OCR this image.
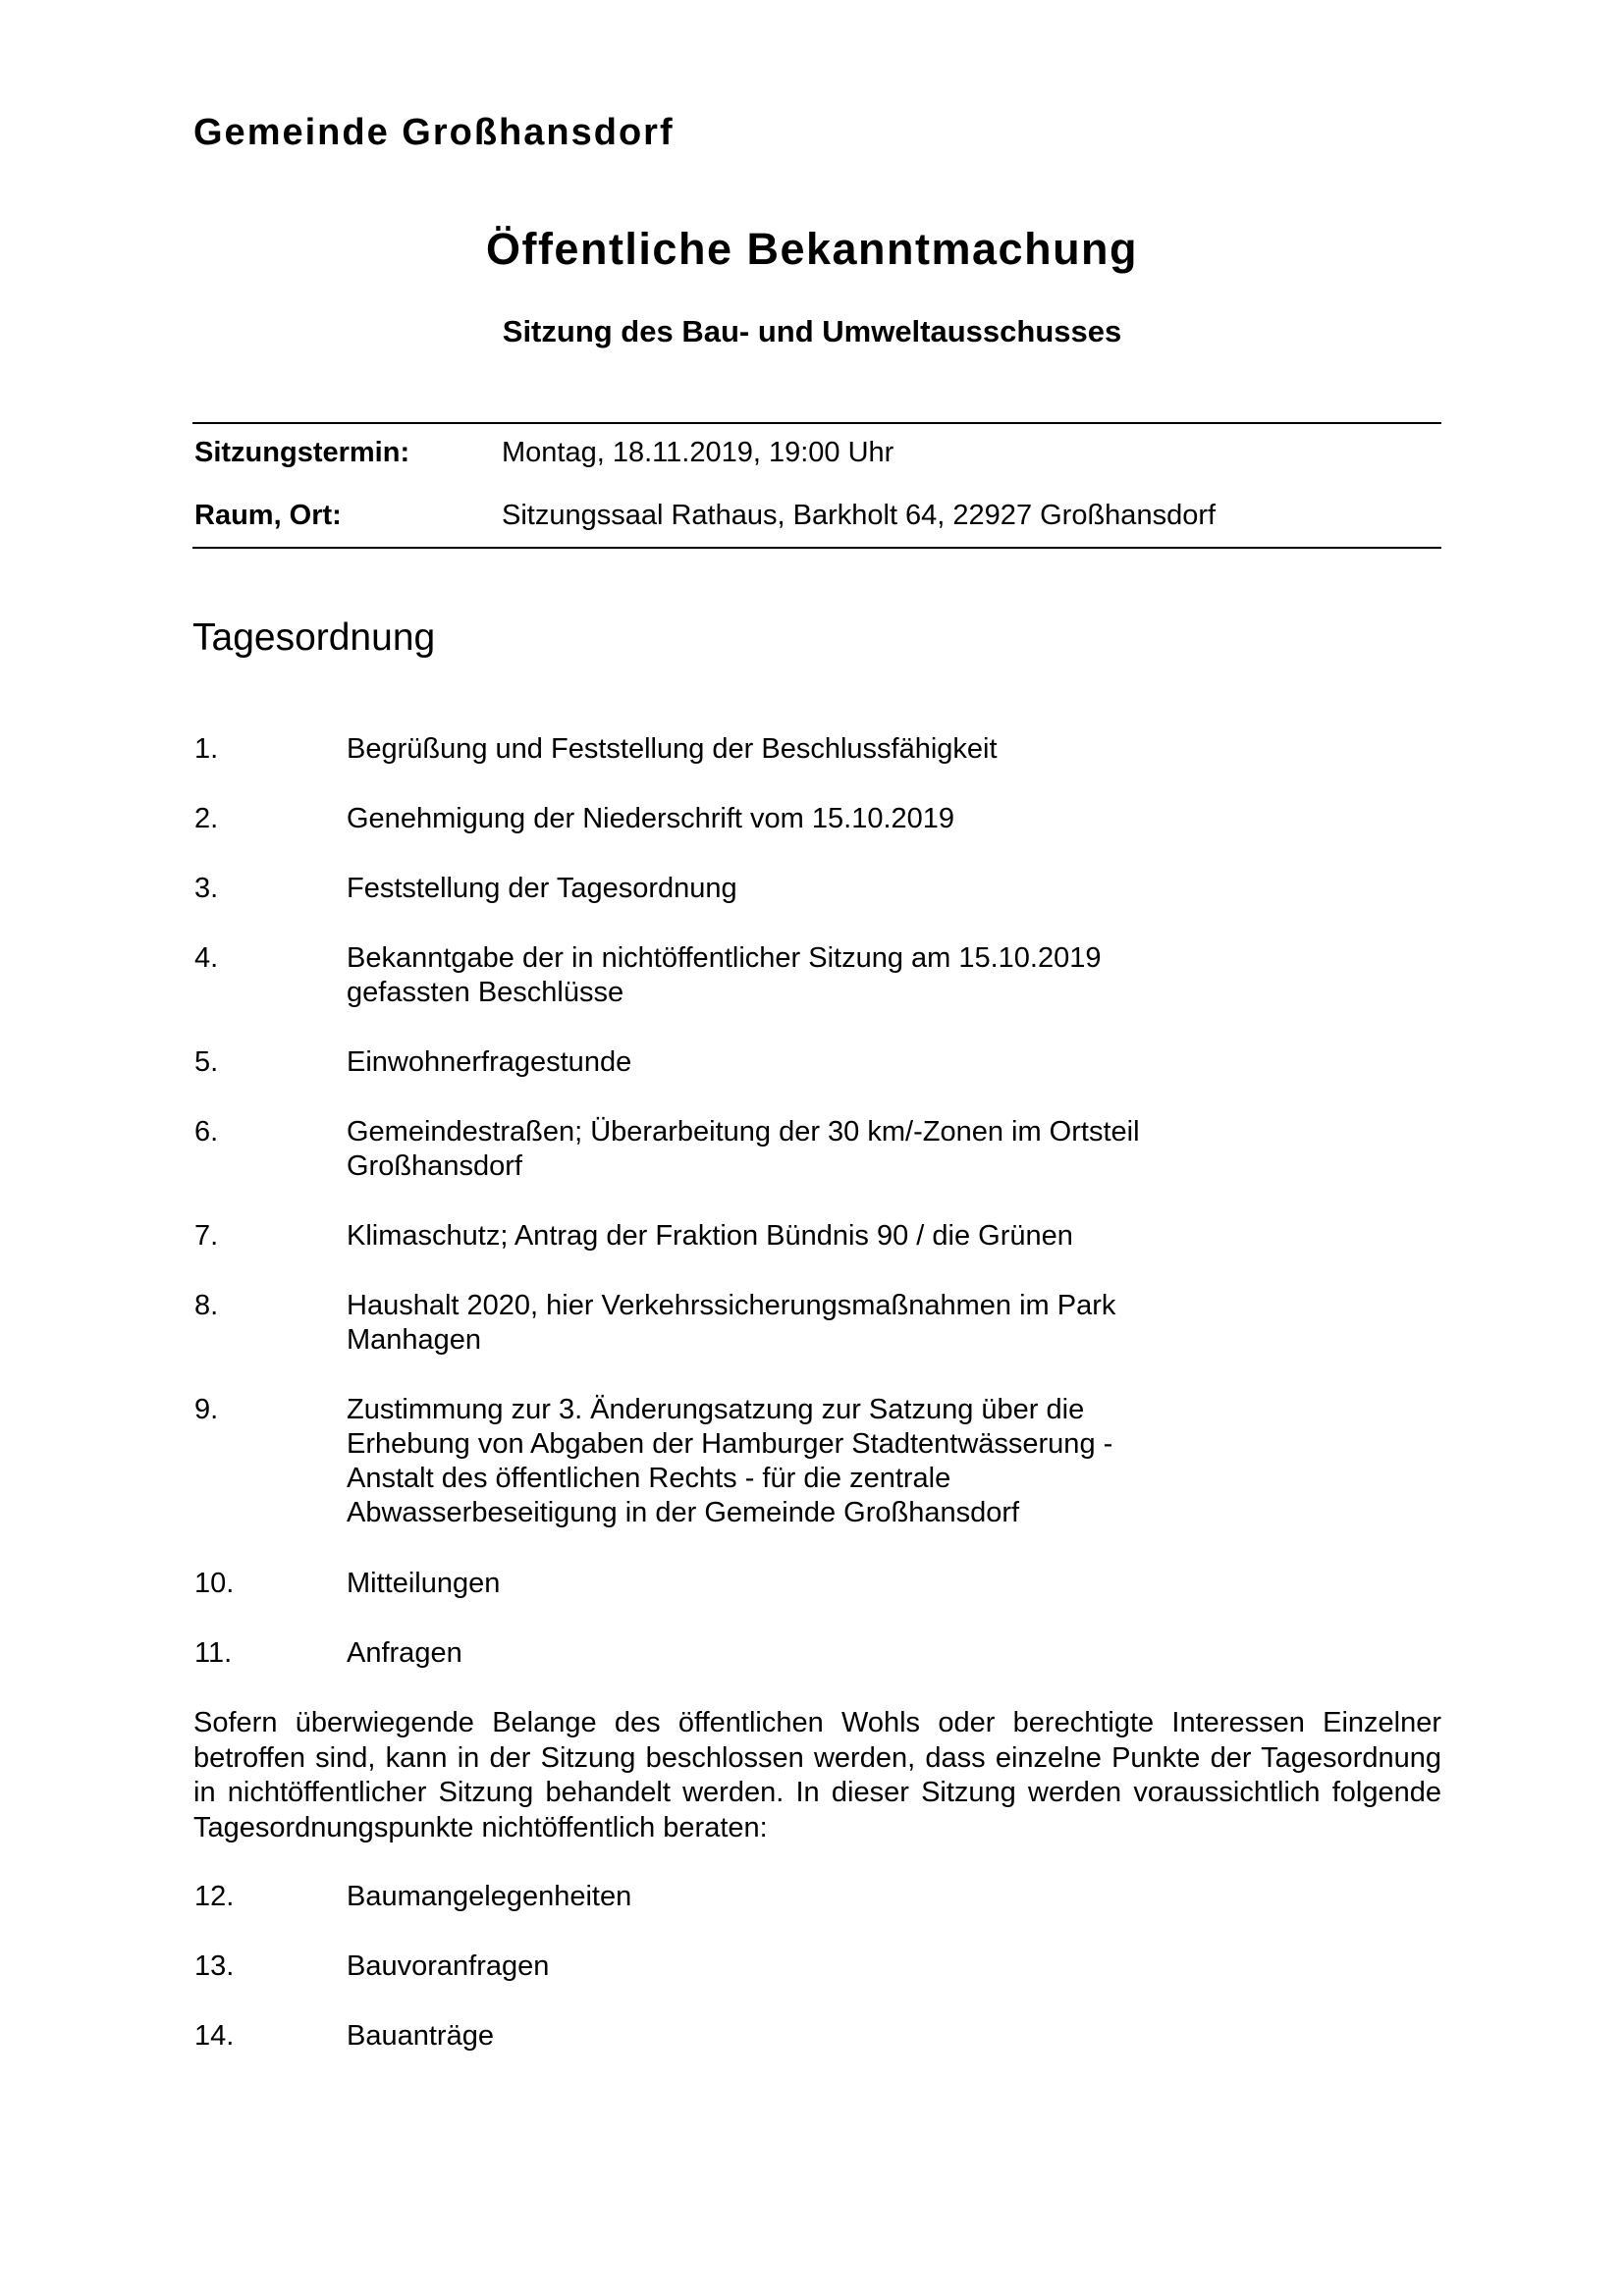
Gemeinde Großhansdorf
Öffentliche Bekanntmachung
Sitzung des Bau- und Umweltausschusses
Sitzungstermin:	Montag, 18.11.2019, 19:00 Uhr
Raum, Ort:	Sitzungssaal Rathaus, Barkholt 64, 22927 Großhansdorf
Tagesordnung
1.	Begrüßung und Feststellung der Beschlussfähigkeit
2.	Genehmigung der Niederschrift vom 15.10.2019
3.	Feststellung der Tagesordnung
4.	Bekanntgabe der in nichtöffentlicher Sitzung am 15.10.2019
gefassten Beschlüsse
5.	Einwohnerfragestunde
6.	Gemeindestraßen; Überarbeitung der 30 km/-Zonen im Ortsteil
Großhansdorf
7.	Klimaschutz; Antrag der Fraktion Bündnis 90 / die Grünen
8.	Haushalt 2020, hier Verkehrssicherungsmaßnahmen im Park
Manhagen
9.	Zustimmung zur 3. Änderungsatzung zur Satzung über die
Erhebung von Abgaben der Hamburger Stadtentwässerung -
Anstalt des öffentlichen Rechts - für die zentrale
Abwasserbeseitigung in der Gemeinde Großhansdorf
10.	Mitteilungen
11.	Anfragen
Sofern überwiegende Belange des öffentlichen Wohls oder berechtigte Interessen Einzelner betroffen sind, kann in der Sitzung beschlossen werden, dass einzelne Punkte der Tagesordnung in nichtöffentlicher Sitzung behandelt werden. In dieser Sitzung werden voraussichtlich folgende Tagesordnungspunkte nichtöffentlich beraten:
12.	Baumangelegenheiten
13.	Bauvoranfragen
14.	Bauanträge
